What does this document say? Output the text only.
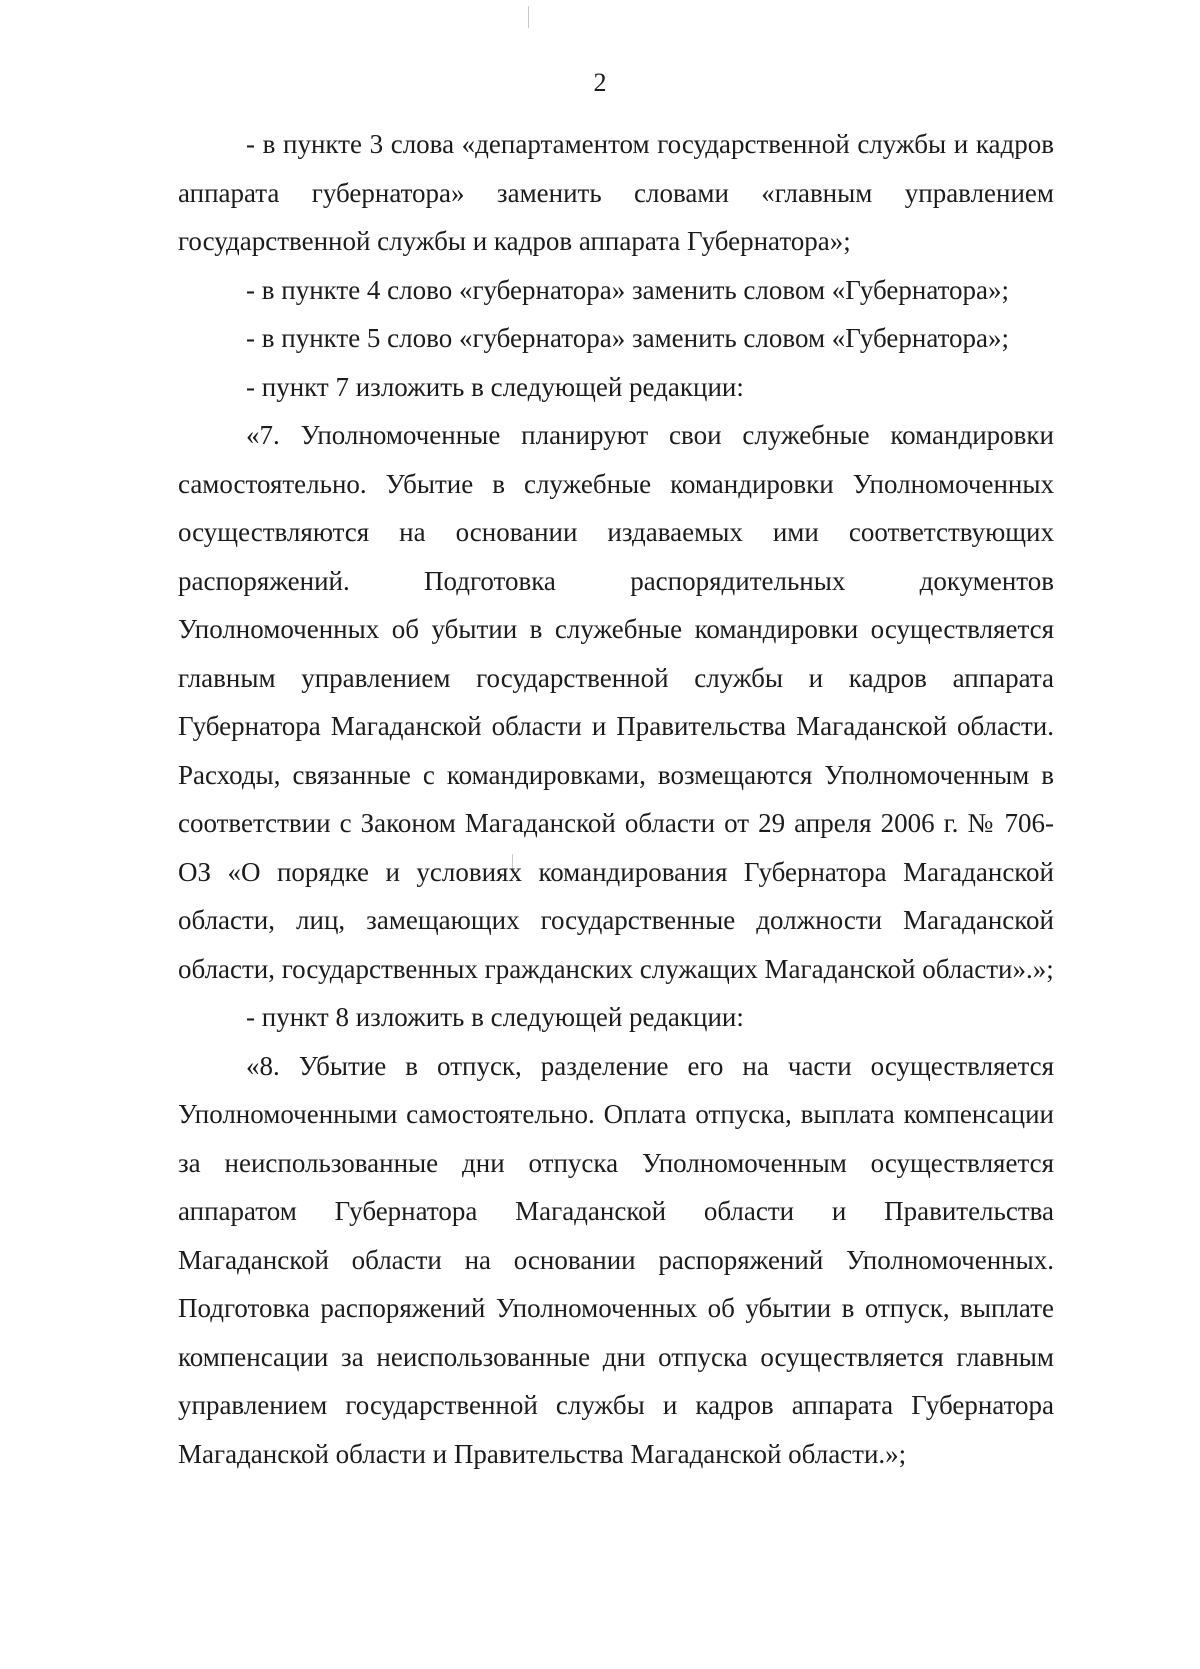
2

- в пункте 3 слова «департаментом государственной службы и кадров аппарата губернатора» заменить словами «главным управлением государственной службы и кадров аппарата Губернатора»;

- в пункте 4 слово «губернатора» заменить словом «Губернатора»;

- в пункте 5 слово «губернатора» заменить словом «Губернатора»;

- пункт 7 изложить в следующей редакции:

«7. Уполномоченные планируют свои служебные командировки самостоятельно. Убытие в служебные командировки Уполномоченных осуществляются на основании издаваемых ими соответствующих распоряжений. Подготовка распорядительных документов Уполномоченных об убытии в служебные командировки осуществляется главным управлением государственной службы и кадров аппарата Губернатора Магаданской области и Правительства Магаданской области. Расходы, связанные с командировками, возмещаются Уполномоченным в соответствии с Законом Магаданской области от 29 апреля 2006 г. № 706-ОЗ «О порядке и условиях командирования Губернатора Магаданской области, лиц, замещающих государственные должности Магаданской области, государственных гражданских служащих Магаданской области».»;

- пункт 8 изложить в следующей редакции:

«8. Убытие в отпуск, разделение его на части осуществляется Уполномоченными самостоятельно. Оплата отпуска, выплата компенсации за неиспользованные дни отпуска Уполномоченным осуществляется аппаратом Губернатора Магаданской области и Правительства Магаданской области на основании распоряжений Уполномоченных. Подготовка распоряжений Уполномоченных об убытии в отпуск, выплате компенсации за неиспользованные дни отпуска осуществляется главным управлением государственной службы и кадров аппарата Губернатора Магаданской области и Правительства Магаданской области.»;
